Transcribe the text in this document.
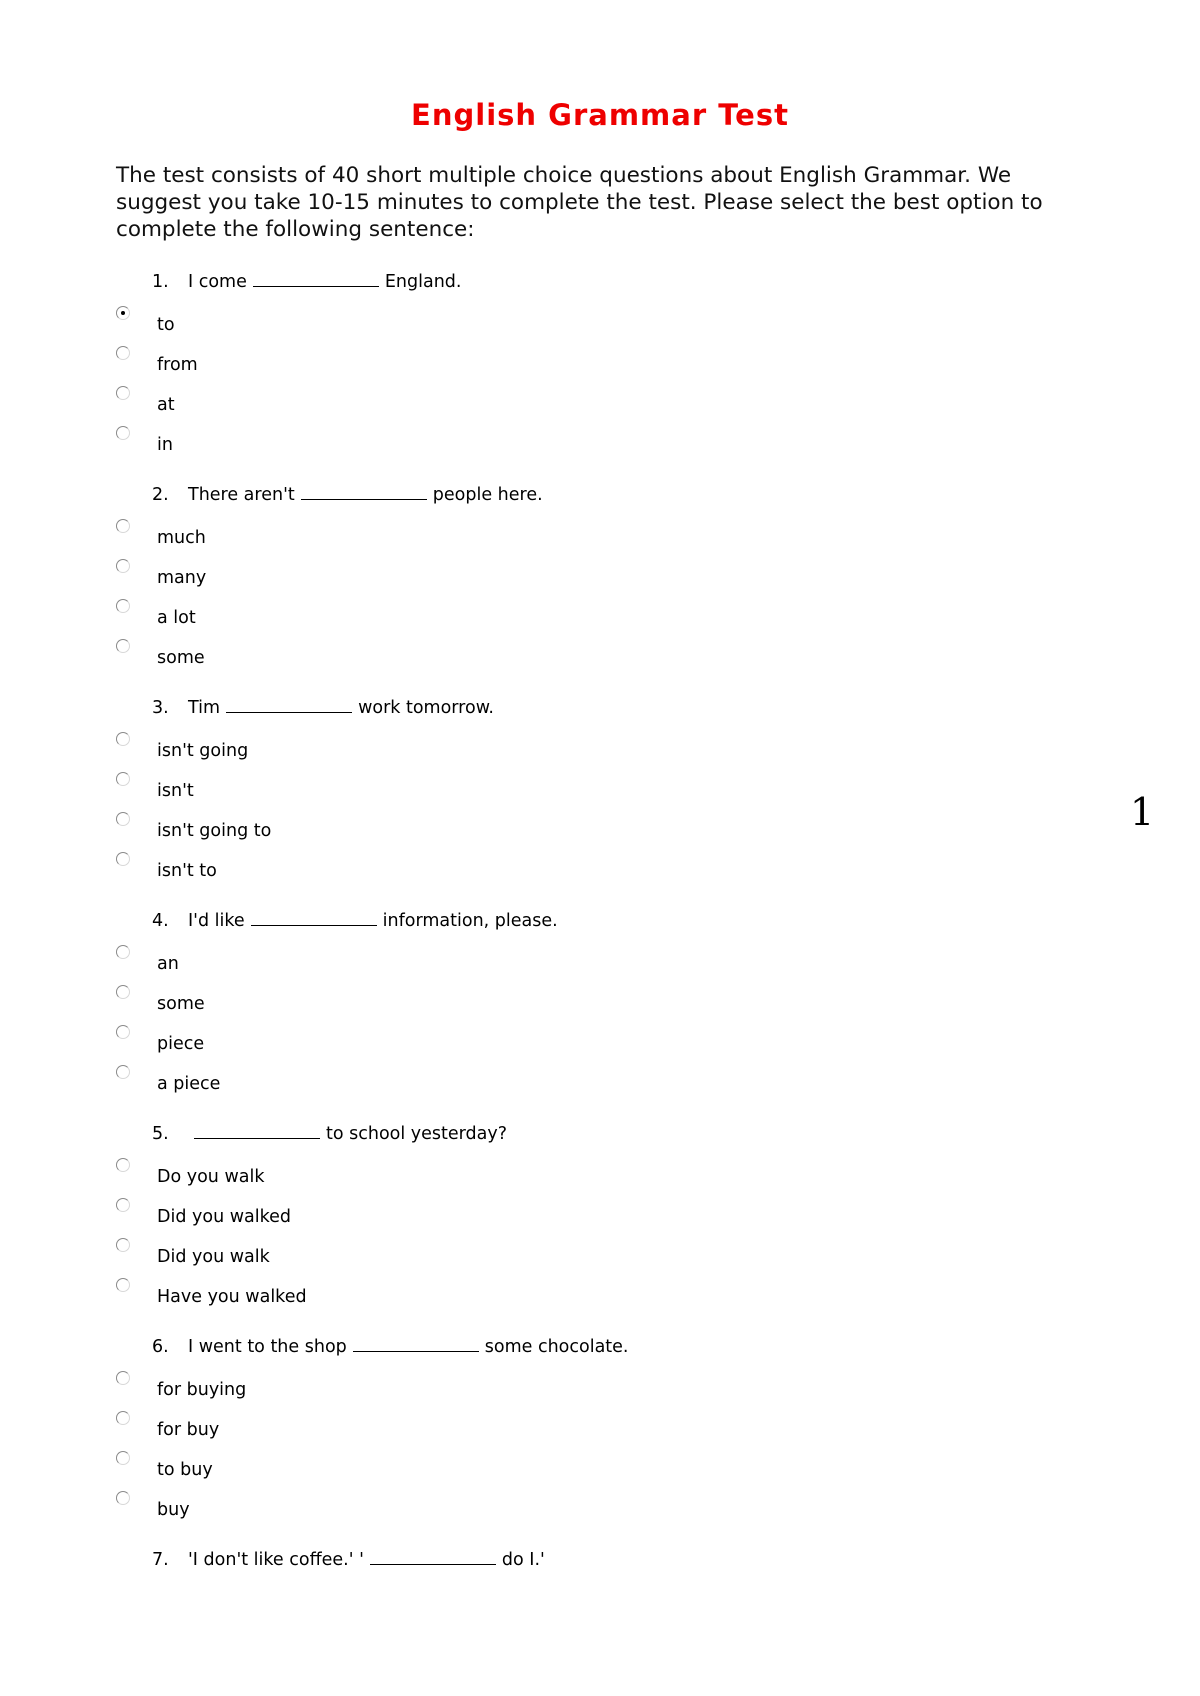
English Grammar Test
The test consists of 40 short multiple choice questions about English Grammar. We suggest you take 10-15 minutes to complete the test. Please select the best option to complete the following sentence:
1.	I come	England.
to
from
at
in
2.	There aren't	people here.
much
many
a lot
some
3.	Tim	work tomorrow.
isn't going
isn't
isn't going to
isn't to
4.	I'd like	information, please.
an
some
piece
a piece
5.	to school yesterday?
Do you walk
Did you walked
Did you walk
Have you walked
6.	I went to the shop	some chocolate.
for buying
for buy
to buy
buy
7.	'I don't like coffee.' '	do I.'
1
